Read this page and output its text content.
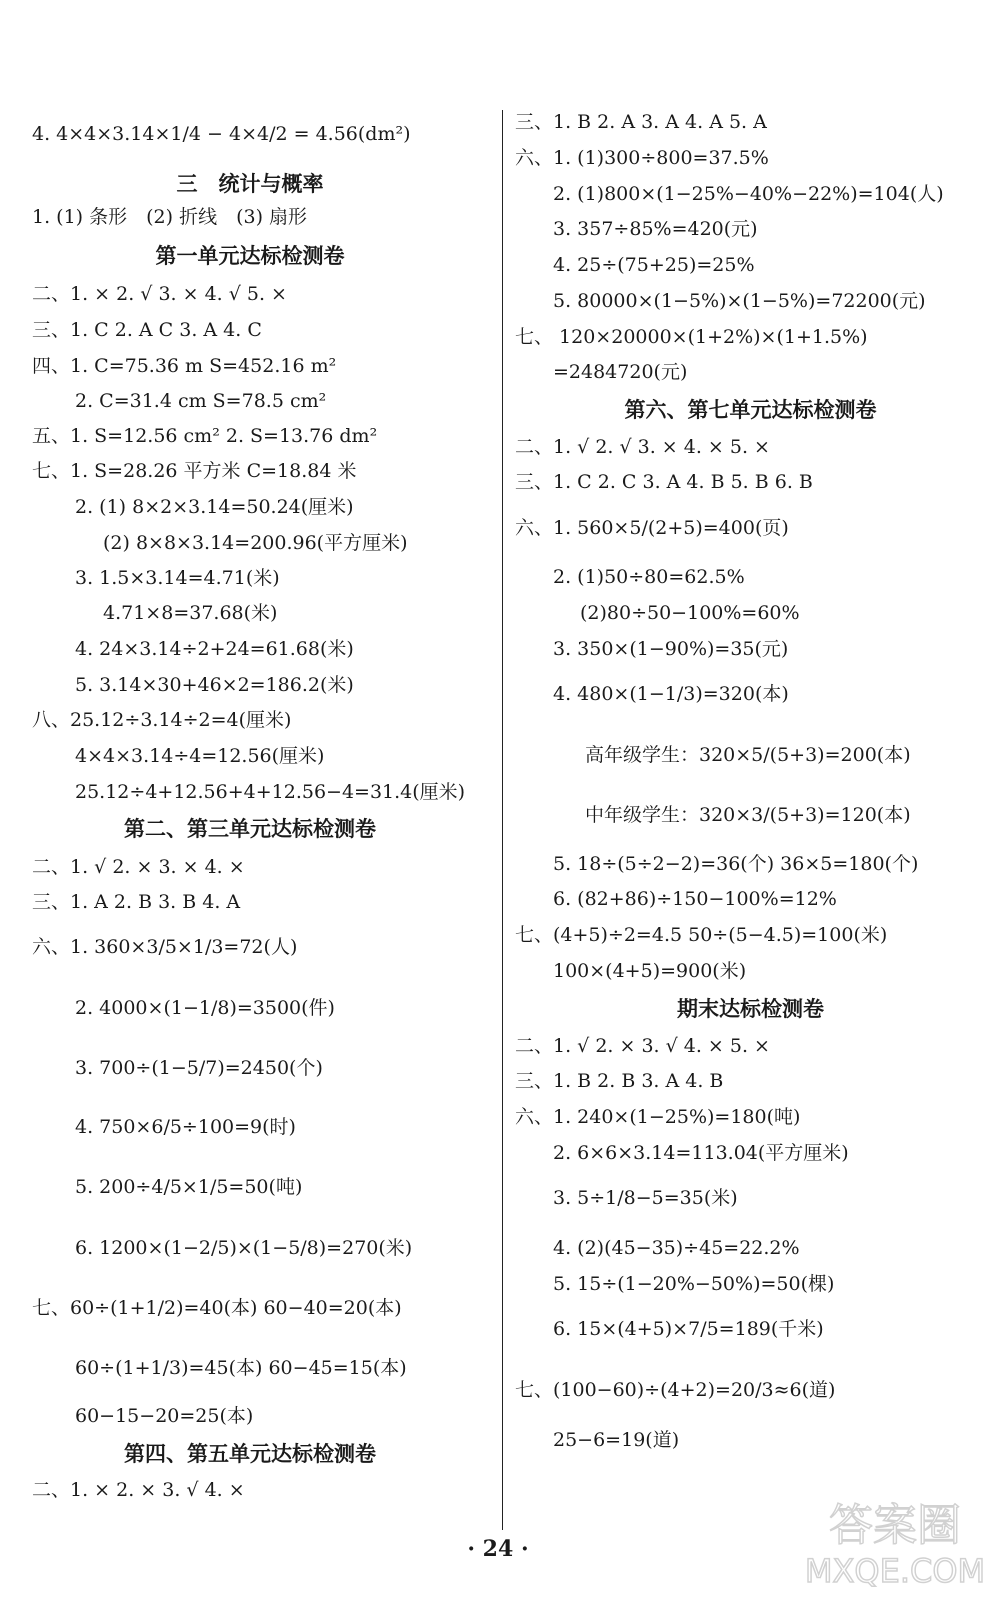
4. 4×4×3.14×1/4 − 4×4/2 = 4.56(dm²)
三　统计与概率
1. (1) 条形　(2) 折线　(3) 扇形
第一单元达标检测卷
二、1. × 2. √ 3. × 4. √ 5. ×
三、1. C 2. A C 3. A 4. C
四、1. C=75.36 m S=452.16 m²
2. C=31.4 cm S=78.5 cm²
五、1. S=12.56 cm² 2. S=13.76 dm²
七、1. S=28.26 平方米 C=18.84 米
2. (1) 8×2×3.14=50.24(厘米)
(2) 8×8×3.14=200.96(平方厘米)
3. 1.5×3.14=4.71(米)
4.71×8=37.68(米)
4. 24×3.14÷2+24=61.68(米)
5. 3.14×30+46×2=186.2(米)
八、25.12÷3.14÷2=4(厘米)
4×4×3.14÷4=12.56(厘米)
25.12÷4+12.56+4+12.56−4=31.4(厘米)
第二、第三单元达标检测卷
二、1. √ 2. × 3. × 4. ×
三、1. A 2. B 3. B 4. A
六、1. 360×3/5×1/3=72(人)
2. 4000×(1−1/8)=3500(件)
3. 700÷(1−5/7)=2450(个)
4. 750×6/5÷100=9(时)
5. 200÷4/5×1/5=50(吨)
6. 1200×(1−2/5)×(1−5/8)=270(米)
七、60÷(1+1/2)=40(本) 60−40=20(本)
60÷(1+1/3)=45(本) 60−45=15(本)
60−15−20=25(本)
第四、第五单元达标检测卷
二、1. × 2. × 3. √ 4. ×
三、1. B 2. A 3. A 4. A 5. A
六、1. (1)300÷800=37.5%
2. (1)800×(1−25%−40%−22%)=104(人)
3. 357÷85%=420(元)
4. 25÷(75+25)=25%
5. 80000×(1−5%)×(1−5%)=72200(元)
七、 120×20000×(1+2%)×(1+1.5%)
=2484720(元)
第六、第七单元达标检测卷
二、1. √ 2. √ 3. × 4. × 5. ×
三、1. C 2. C 3. A 4. B 5. B 6. B
六、1. 560×5/(2+5)=400(页)
2. (1)50÷80=62.5%
(2)80÷50−100%=60%
3. 350×(1−90%)=35(元)
4. 480×(1−1/3)=320(本)
高年级学生：320×5/(5+3)=200(本)
中年级学生：320×3/(5+3)=120(本)
5. 18÷(5÷2−2)=36(个) 36×5=180(个)
6. (82+86)÷150−100%=12%
七、(4+5)÷2=4.5 50÷(5−4.5)=100(米)
100×(4+5)=900(米)
期末达标检测卷
二、1. √ 2. × 3. √ 4. × 5. ×
三、1. B 2. B 3. A 4. B
六、1. 240×(1−25%)=180(吨)
2. 6×6×3.14=113.04(平方厘米)
3. 5÷1/8−5=35(米)
4. (2)(45−35)÷45=22.2%
5. 15÷(1−20%−50%)=50(棵)
6. 15×(4+5)×7/5=189(千米)
七、(100−60)÷(4+2)=20/3≈6(道)
25−6=19(道)
答案圈
MXQE.COM
· 24 ·
